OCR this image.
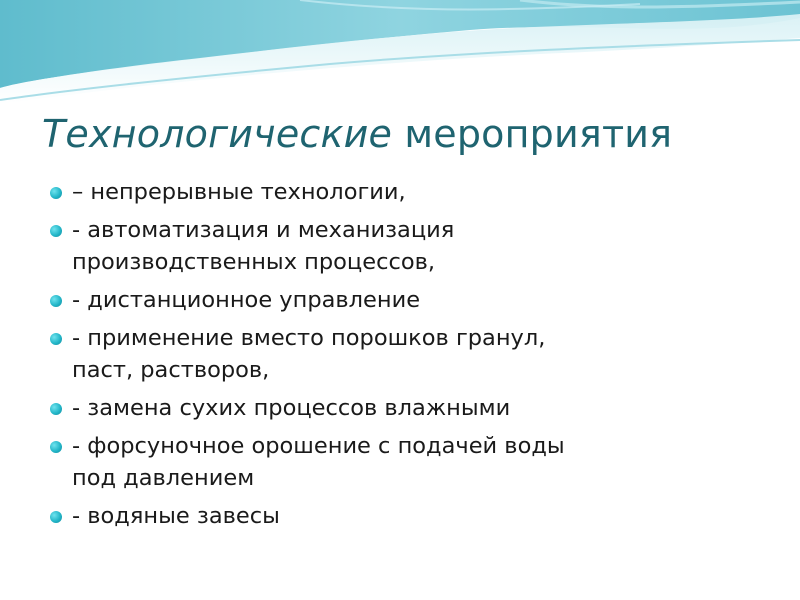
Технологические мероприятия
– непрерывные технологии,
- автоматизация и механизация
производственных процессов,
- дистанционное управление
- применение вместо порошков гранул,
паст, растворов,
- замена сухих процессов влажными
- форсуночное орошение с подачей воды
под давлением
- водяные завесы
